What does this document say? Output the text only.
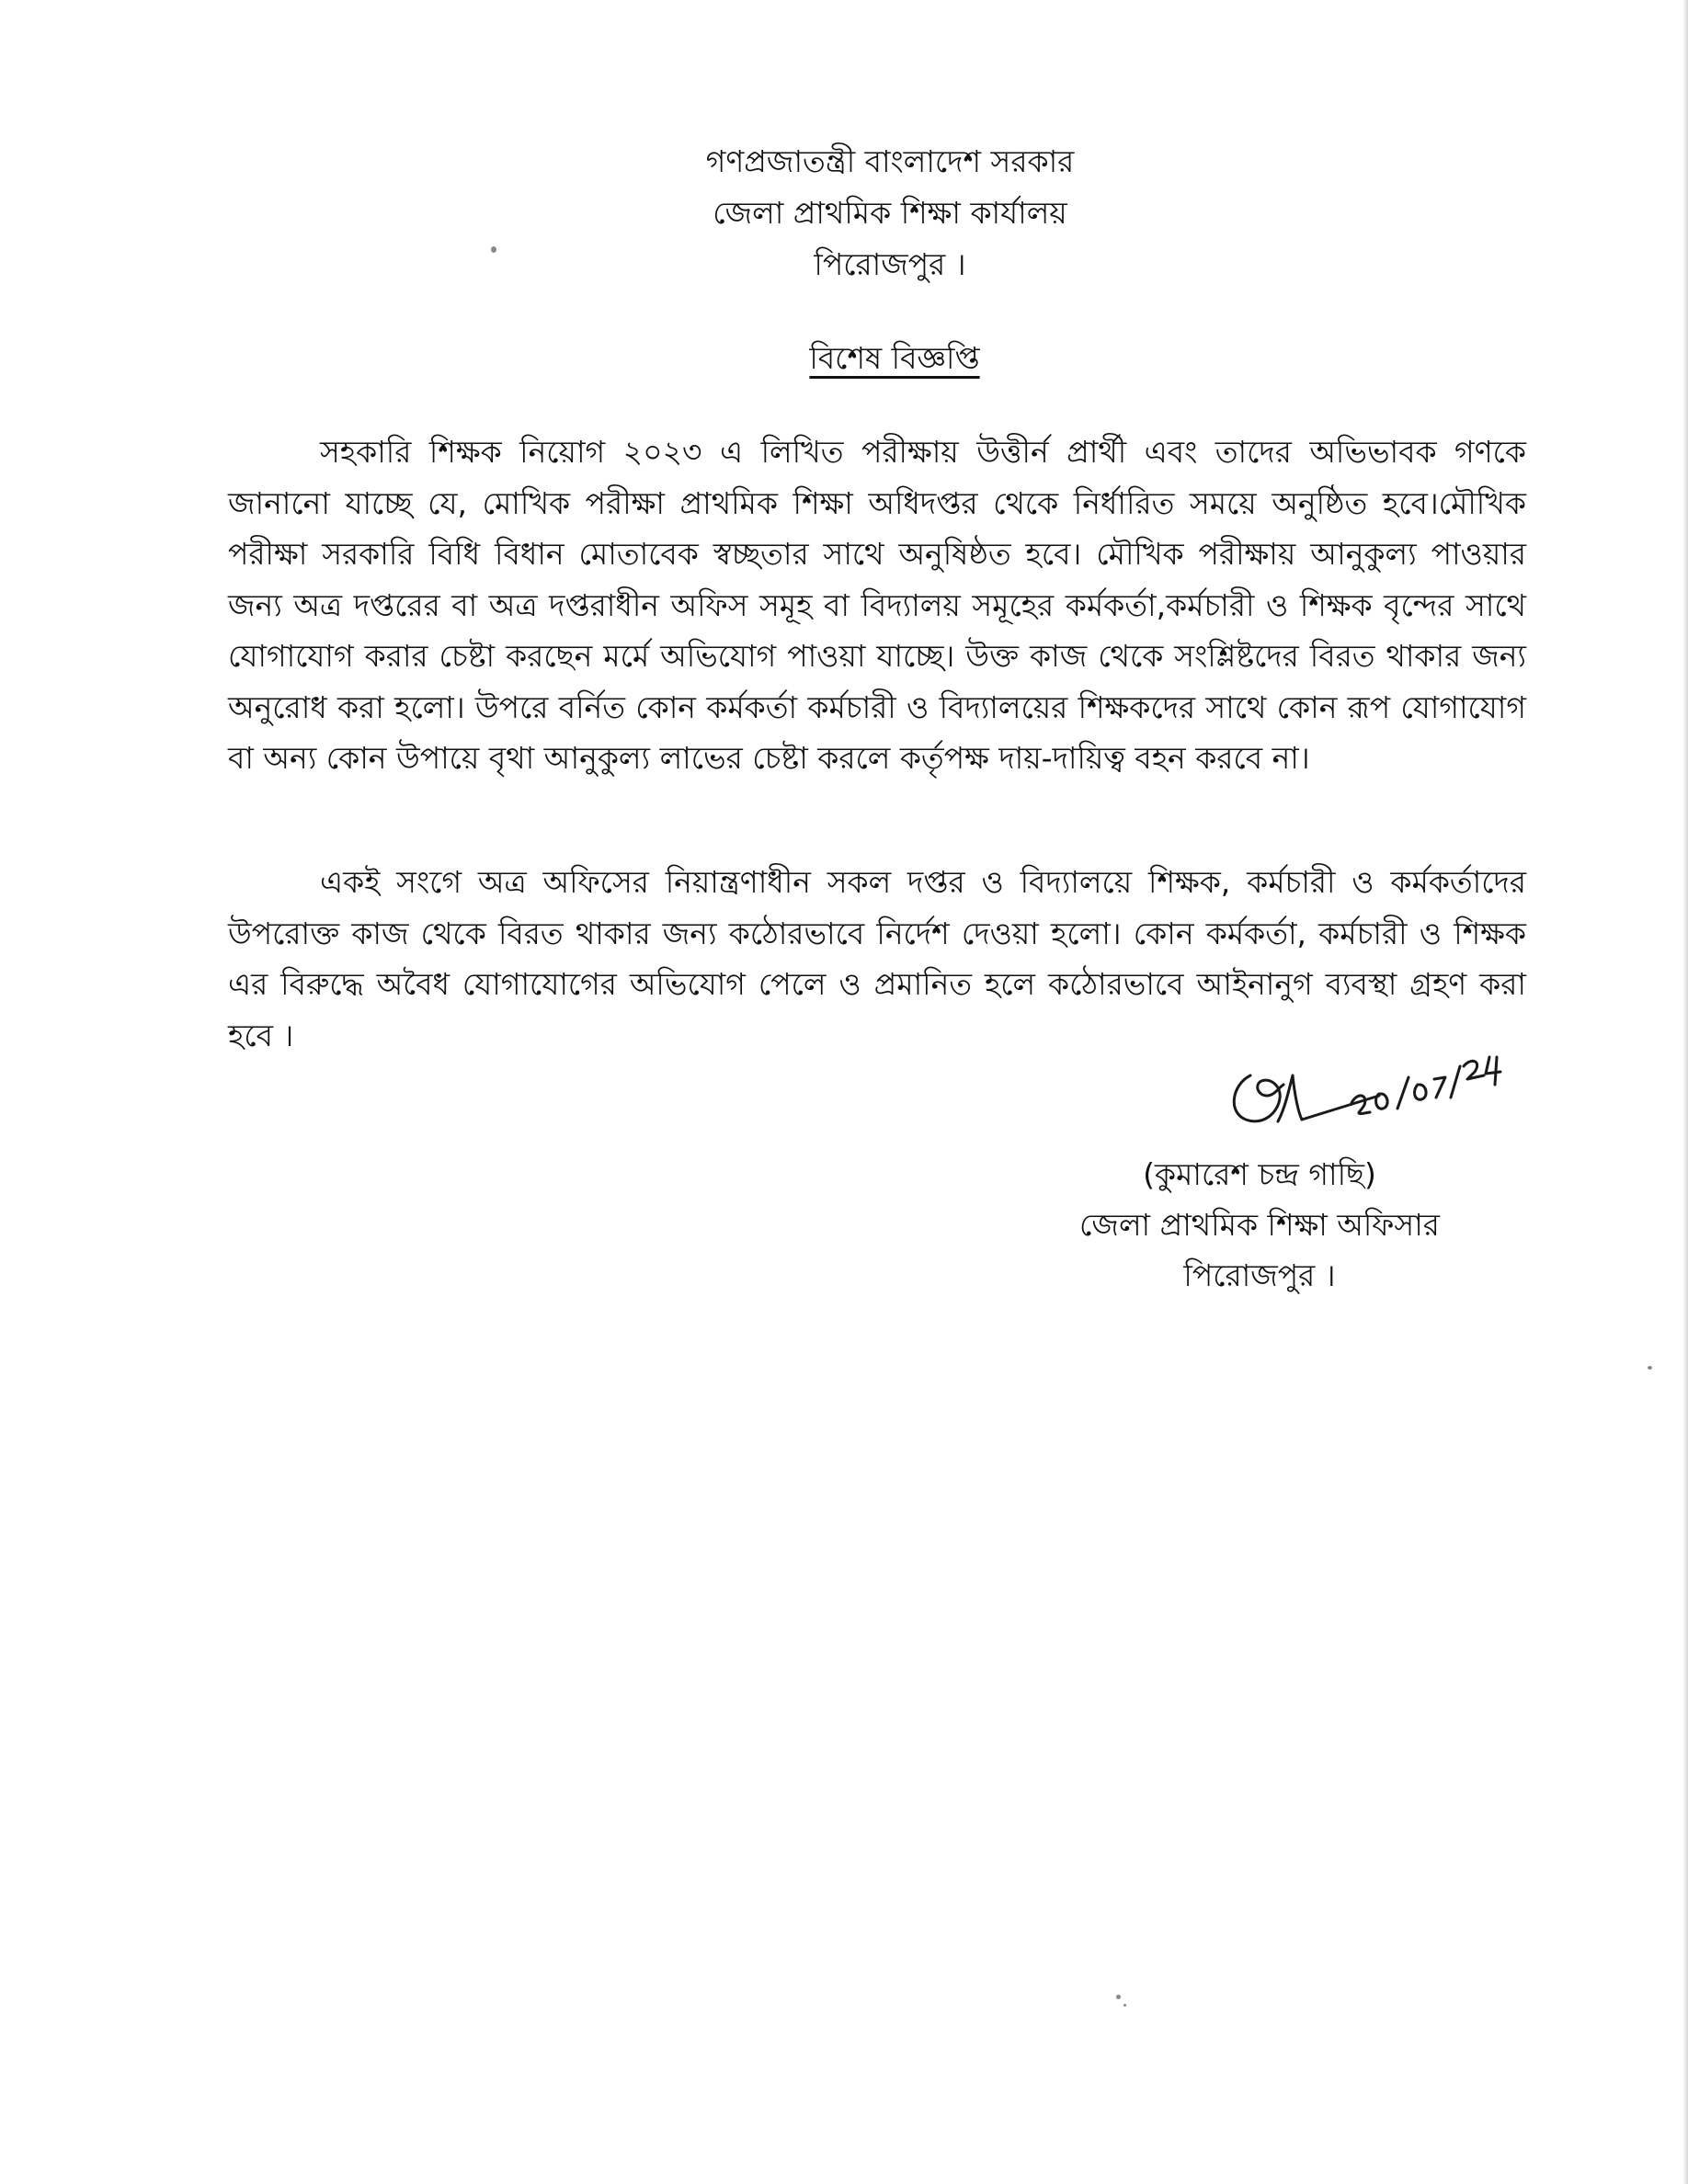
গণপ্রজাতন্ত্রী বাংলাদেশ সরকার
জেলা প্রাথমিক শিক্ষা কার্যালয়
পিরোজপুর ।
বিশেষ বিজ্ঞপ্তি

সহকারি শিক্ষক নিয়োগ ২০২৩ এ লিখিত পরীক্ষায় উত্তীর্ন প্রার্থী এবং তাদের অভিভাবক গণকে জানানো যাচ্ছে যে, মোখিক পরীক্ষা প্রাথমিক শিক্ষা অধিদপ্তর থেকে নির্ধারিত সময়ে অনুষ্ঠিত হবে।মৌখিক পরীক্ষা সরকারি বিধি বিধান মোতাবেক স্বচ্ছতার সাথে অনুষিষ্ঠত হবে। মৌখিক পরীক্ষায় আনুকুল্য পাওয়ার জন্য অত্র দপ্তরের বা অত্র দপ্তরাধীন অফিস সমূহ বা বিদ্যালয় সমূহের কর্মকর্তা,কর্মচারী ও শিক্ষক বৃন্দের সাথে যোগাযোগ করার চেষ্টা করছেন মর্মে অভিযোগ পাওয়া যাচ্ছে। উক্ত কাজ থেকে সংশ্লিষ্টদের বিরত থাকার জন্য অনুরোধ করা হলো। উপরে বর্নিত কোন কর্মকর্তা কর্মচারী ও বিদ্যালয়ের শিক্ষকদের সাথে কোন রূপ যোগাযোগ বা অন্য কোন উপায়ে বৃথা আনুকুল্য লাভের চেষ্টা করলে কর্তৃপক্ষ দায়-দায়িত্ব বহন করবে না।

একই সংগে অত্র অফিসের নিয়ান্ত্রণাধীন সকল দপ্তর ও বিদ্যালয়ে শিক্ষক, কর্মচারী ও কর্মকর্তাদের উপরোক্ত কাজ থেকে বিরত থাকার জন্য কঠোরভাবে নির্দেশ দেওয়া হলো। কোন কর্মকর্তা, কর্মচারী ও শিক্ষক এর বিরুদ্ধে অবৈধ যোগাযোগের অভিযোগ পেলে ও প্রমানিত হলে কঠোরভাবে আইনানুগ ব্যবস্থা গ্রহণ করা হবে ।

(কুমারেশ চন্দ্র গাছি)
জেলা প্রাথমিক শিক্ষা অফিসার
পিরোজপুর ।
